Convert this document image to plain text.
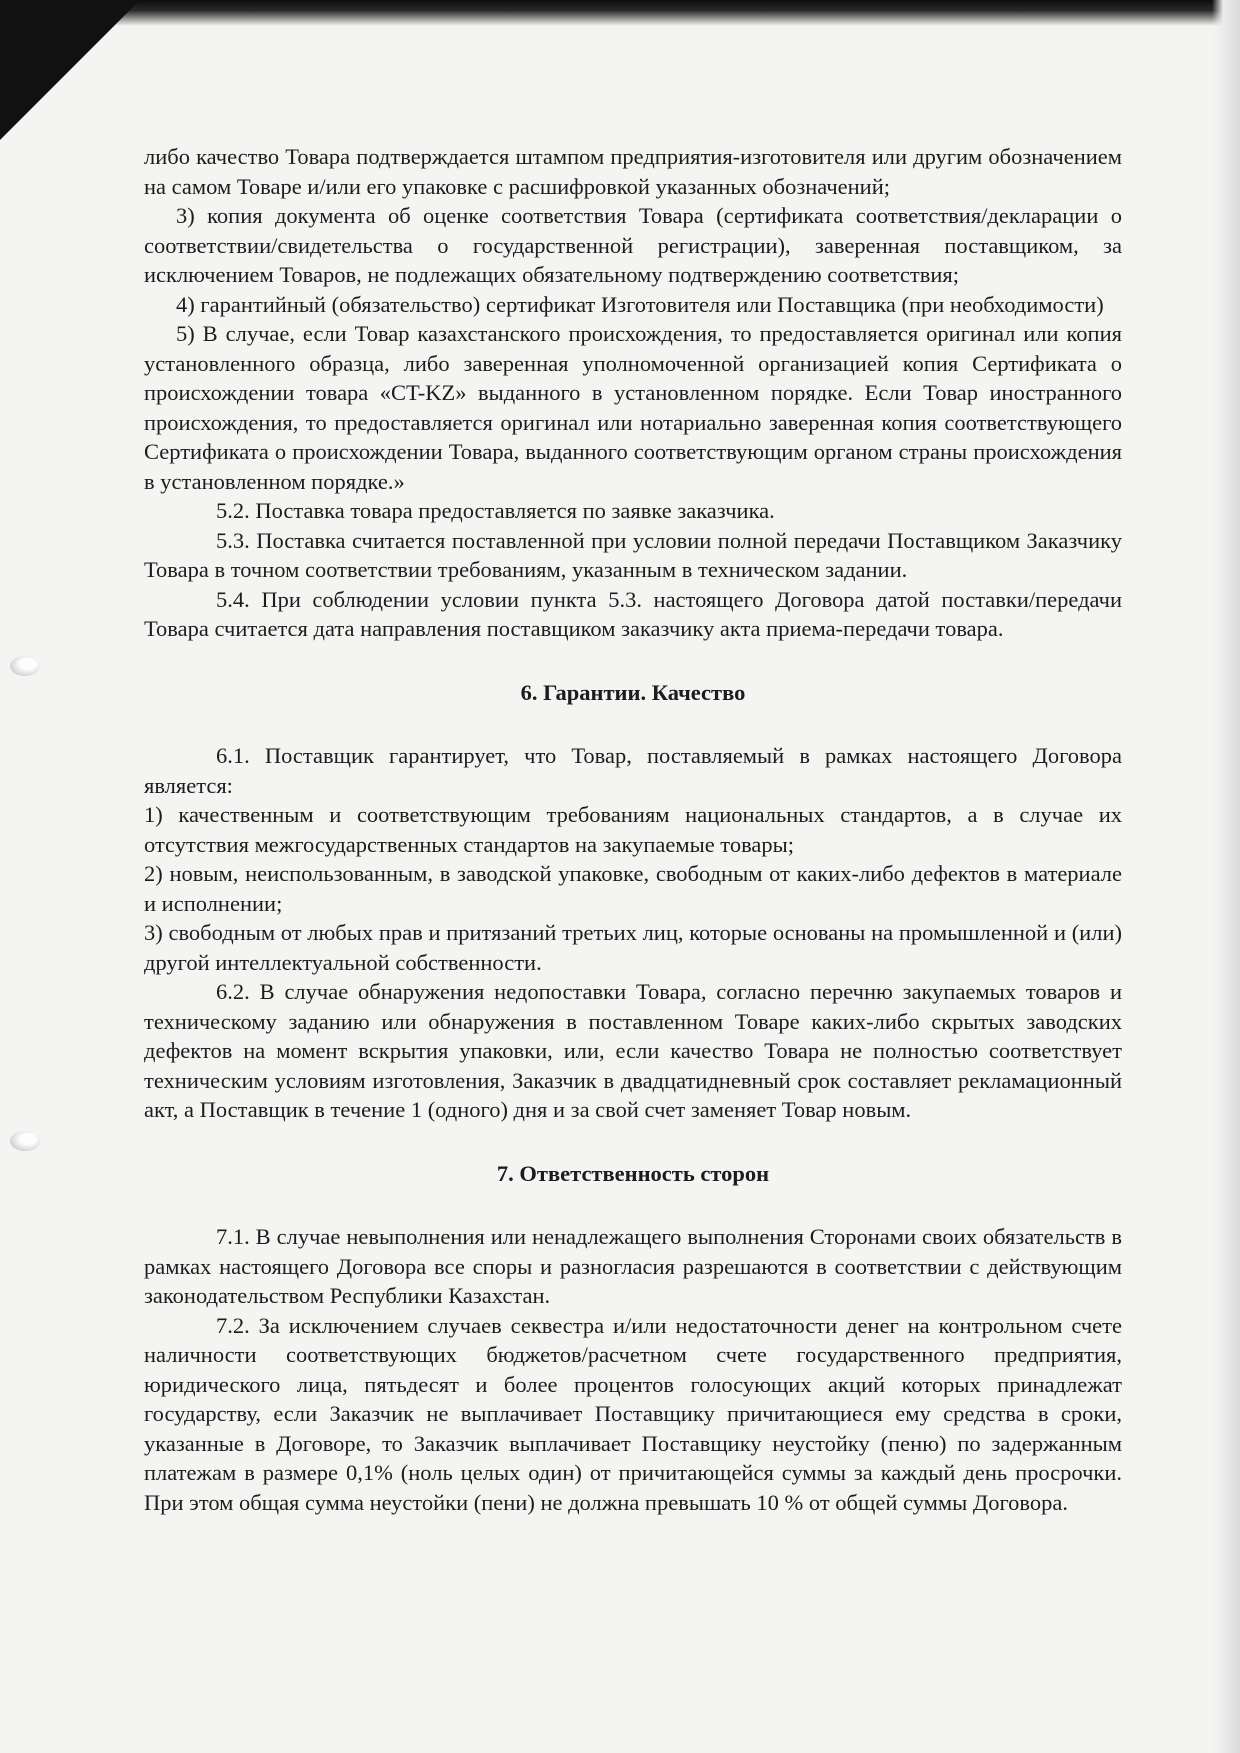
либо качество Товара подтверждается штампом предприятия-изготовителя или другим обозначением на самом Товаре и/или его упаковке с расшифровкой указанных обозначений;

3) копия документа об оценке соответствия Товара (сертификата соответствия/декларации о соответствии/свидетельства о государственной регистрации), заверенная поставщиком, за исключением Товаров, не подлежащих обязательному подтверждению соответствия;

4) гарантийный (обязательство) сертификат Изготовителя или Поставщика (при необходимости)

5) В случае, если Товар казахстанского происхождения, то предоставляется оригинал или копия установленного образца, либо заверенная уполномоченной организацией копия Сертификата о происхождении товара «CT-KZ» выданного в установленном порядке. Если Товар иностранного происхождения, то предоставляется оригинал или нотариально заверенная копия соответствующего Сертификата о происхождении Товара, выданного соответствующим органом страны происхождения в установленном порядке.»

5.2. Поставка товара предоставляется по заявке заказчика.

5.3. Поставка считается поставленной при условии полной передачи Поставщиком Заказчику Товара в точном соответствии требованиям, указанным в техническом задании.

5.4. При соблюдении условии пункта 5.3. настоящего Договора датой поставки/передачи Товара считается дата направления поставщиком заказчику акта приема-передачи товара.

6. Гарантии. Качество

6.1. Поставщик гарантирует, что Товар, поставляемый в рамках настоящего Договора является:

1) качественным и соответствующим требованиям национальных стандартов, а в случае их отсутствия межгосударственных стандартов на закупаемые товары;

2) новым, неиспользованным, в заводской упаковке, свободным от каких-либо дефектов в материале и исполнении;

3) свободным от любых прав и притязаний третьих лиц, которые основаны на промышленной и (или) другой интеллектуальной собственности.

6.2. В случае обнаружения недопоставки Товара, согласно перечню закупаемых товаров и техническому заданию или обнаружения в поставленном Товаре каких-либо скрытых заводских дефектов на момент вскрытия упаковки, или, если качество Товара не полностью соответствует техническим условиям изготовления, Заказчик в двадцатидневный срок составляет рекламационный акт, а Поставщик в течение 1 (одного) дня и за свой счет заменяет Товар новым.

7. Ответственность сторон

7.1. В случае невыполнения или ненадлежащего выполнения Сторонами своих обязательств в рамках настоящего Договора все споры и разногласия разрешаются в соответствии с действующим законодательством Республики Казахстан.

7.2. За исключением случаев секвестра и/или недостаточности денег на контрольном счете наличности соответствующих бюджетов/расчетном счете государственного предприятия, юридического лица, пятьдесят и более процентов голосующих акций которых принадлежат государству, если Заказчик не выплачивает Поставщику причитающиеся ему средства в сроки, указанные в Договоре, то Заказчик выплачивает Поставщику неустойку (пеню) по задержанным платежам в размере 0,1% (ноль целых один) от причитающейся суммы за каждый день просрочки. При этом общая сумма неустойки (пени) не должна превышать 10 % от общей суммы Договора.
